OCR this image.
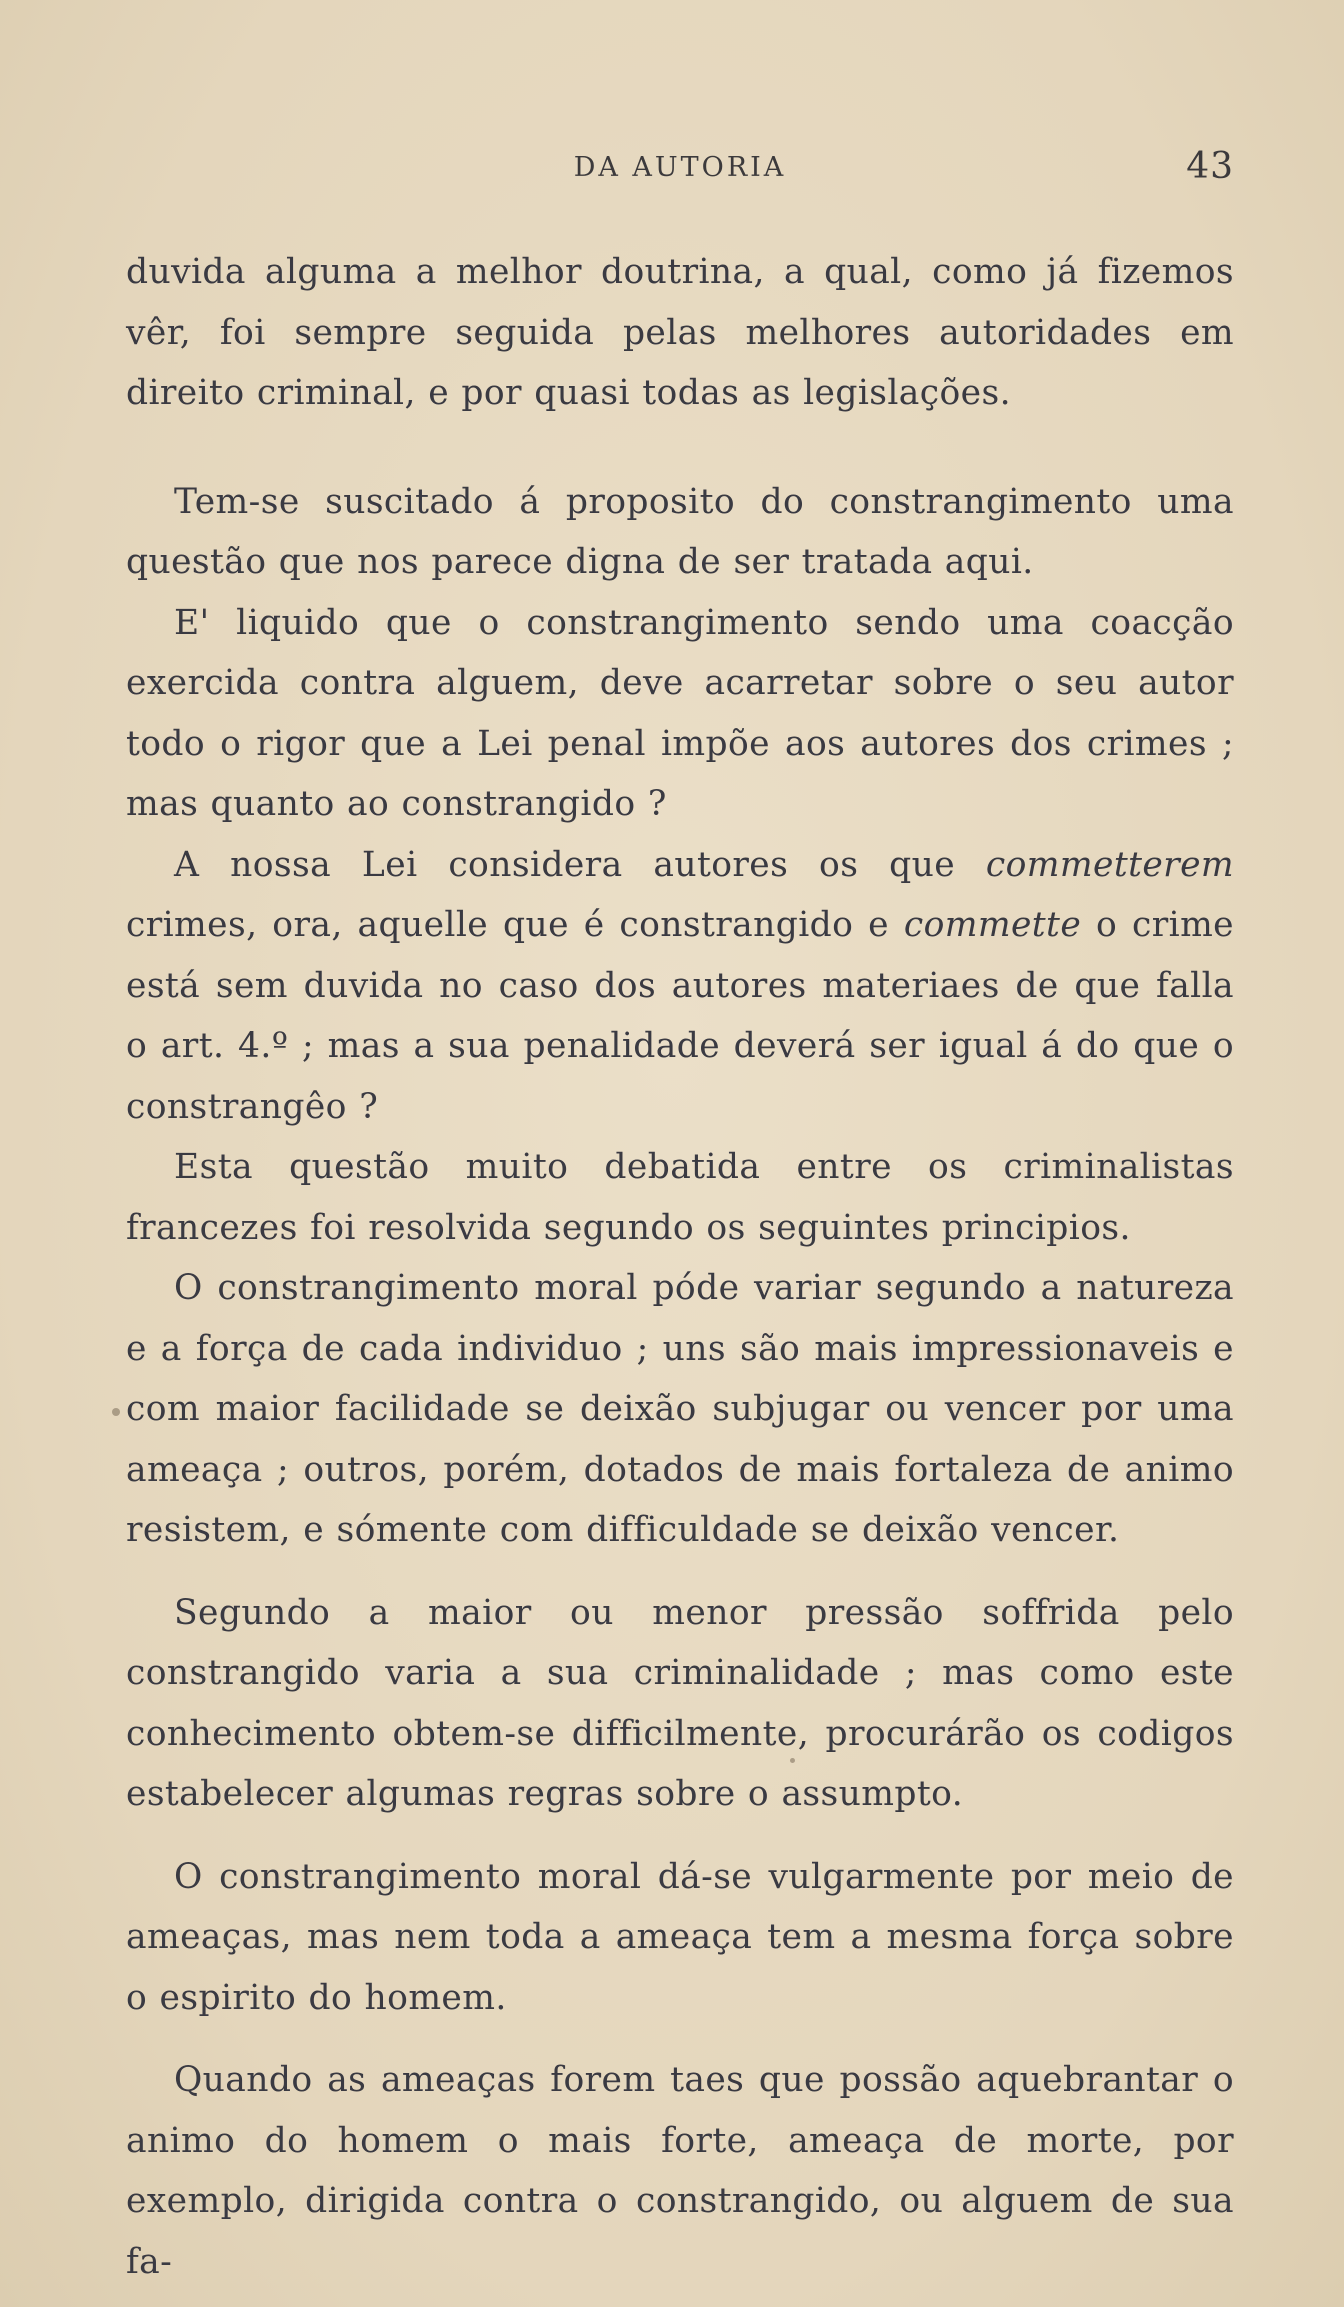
DA AUTORIA	43

duvida alguma a melhor doutrina, a qual, como já fizemos vêr, foi sempre seguida pelas melhores autoridades em direito criminal, e por quasi todas as legislações.

Tem-se suscitado á proposito do constrangimento uma questão que nos parece digna de ser tratada aqui.

E' liquido que o constrangimento sendo uma coacção exercida contra alguem, deve acarretar sobre o seu autor todo o rigor que a Lei penal impõe aos autores dos crimes ; mas quanto ao constrangido ?

A nossa Lei considera autores os que commetterem crimes, ora, aquelle que é constrangido e commette o crime está sem duvida no caso dos autores materiaes de que falla o art. 4.º ; mas a sua penalidade deverá ser igual á do que o constrangêo ?

Esta questão muito debatida entre os criminalistas francezes foi resolvida segundo os seguintes principios.

O constrangimento moral póde variar segundo a natureza e a força de cada individuo ; uns são mais impressionaveis e com maior facilidade se deixão subjugar ou vencer por uma ameaça ; outros, porém, dotados de mais fortaleza de animo resistem, e sómente com difficuldade se deixão vencer.

Segundo a maior ou menor pressão soffrida pelo constrangido varia a sua criminalidade ; mas como este conhecimento obtem-se difficilmente, procurárão os codigos estabelecer algumas regras sobre o assumpto.

O constrangimento moral dá-se vulgarmente por meio de ameaças, mas nem toda a ameaça tem a mesma força sobre o espirito do homem.

Quando as ameaças forem taes que possão aquebrantar o animo do homem o mais forte, ameaça de morte, por exemplo, dirigida contra o constrangido, ou alguem de sua fa-
